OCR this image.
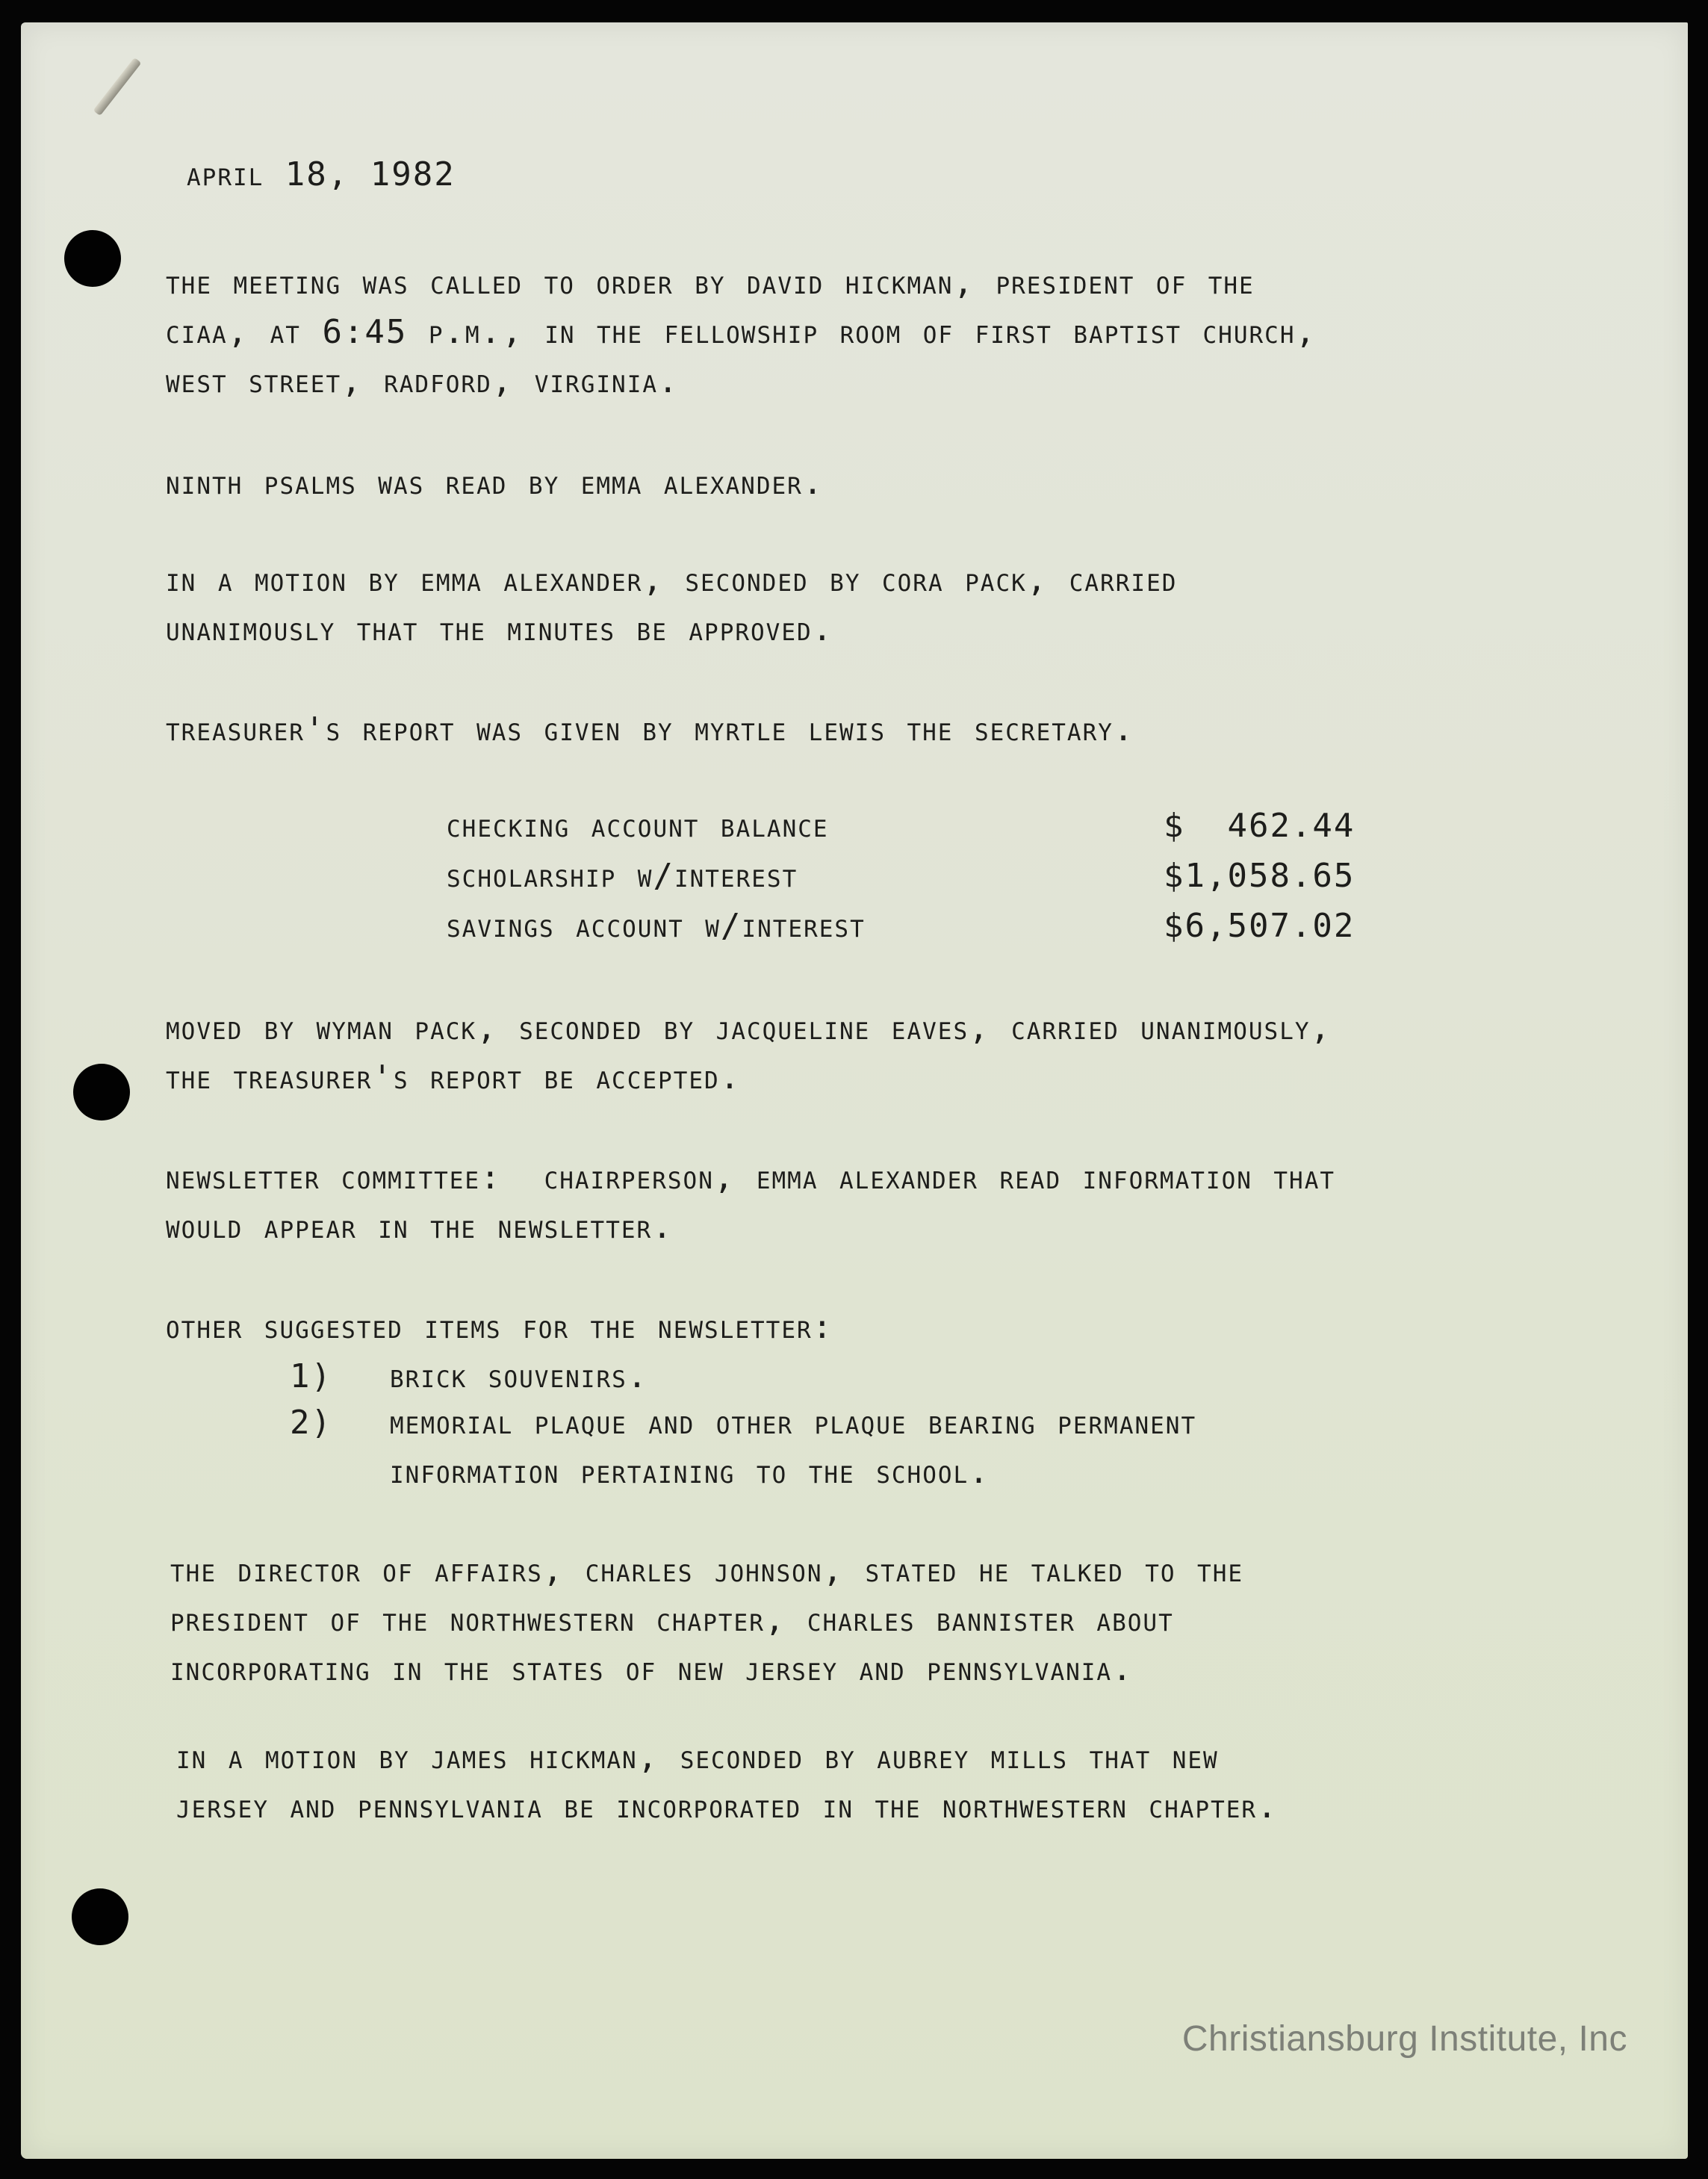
april 18, 1982
the meeting was called to order by david hickman, president of the
ciaa, at 6:45 p.m., in the fellowship room of first baptist church,
west street, radford, virginia.
ninth psalms was read by emma alexander.
in a motion by emma alexander, seconded by cora pack, carried
unanimously that the minutes be approved.
treasurer's report was given by myrtle lewis the secretary.
checking account balance
scholarship w/interest
savings account w/interest
$  462.44
$1,058.65
$6,507.02
moved by wyman pack, seconded by jacqueline eaves, carried unanimously,
the treasurer's report be accepted.
newsletter committee:  chairperson, emma alexander read information that
would appear in the newsletter.
other suggested items for the newsletter:
1) brick souvenirs.
2) memorial plaque and other plaque bearing permanent
information pertaining to the school.
the director of affairs, charles johnson, stated he talked to the
president of the northwestern chapter, charles bannister about
incorporating in the states of new jersey and pennsylvania.
in a motion by james hickman, seconded by aubrey mills that new
jersey and pennsylvania be incorporated in the northwestern chapter.
Christiansburg Institute, Inc
